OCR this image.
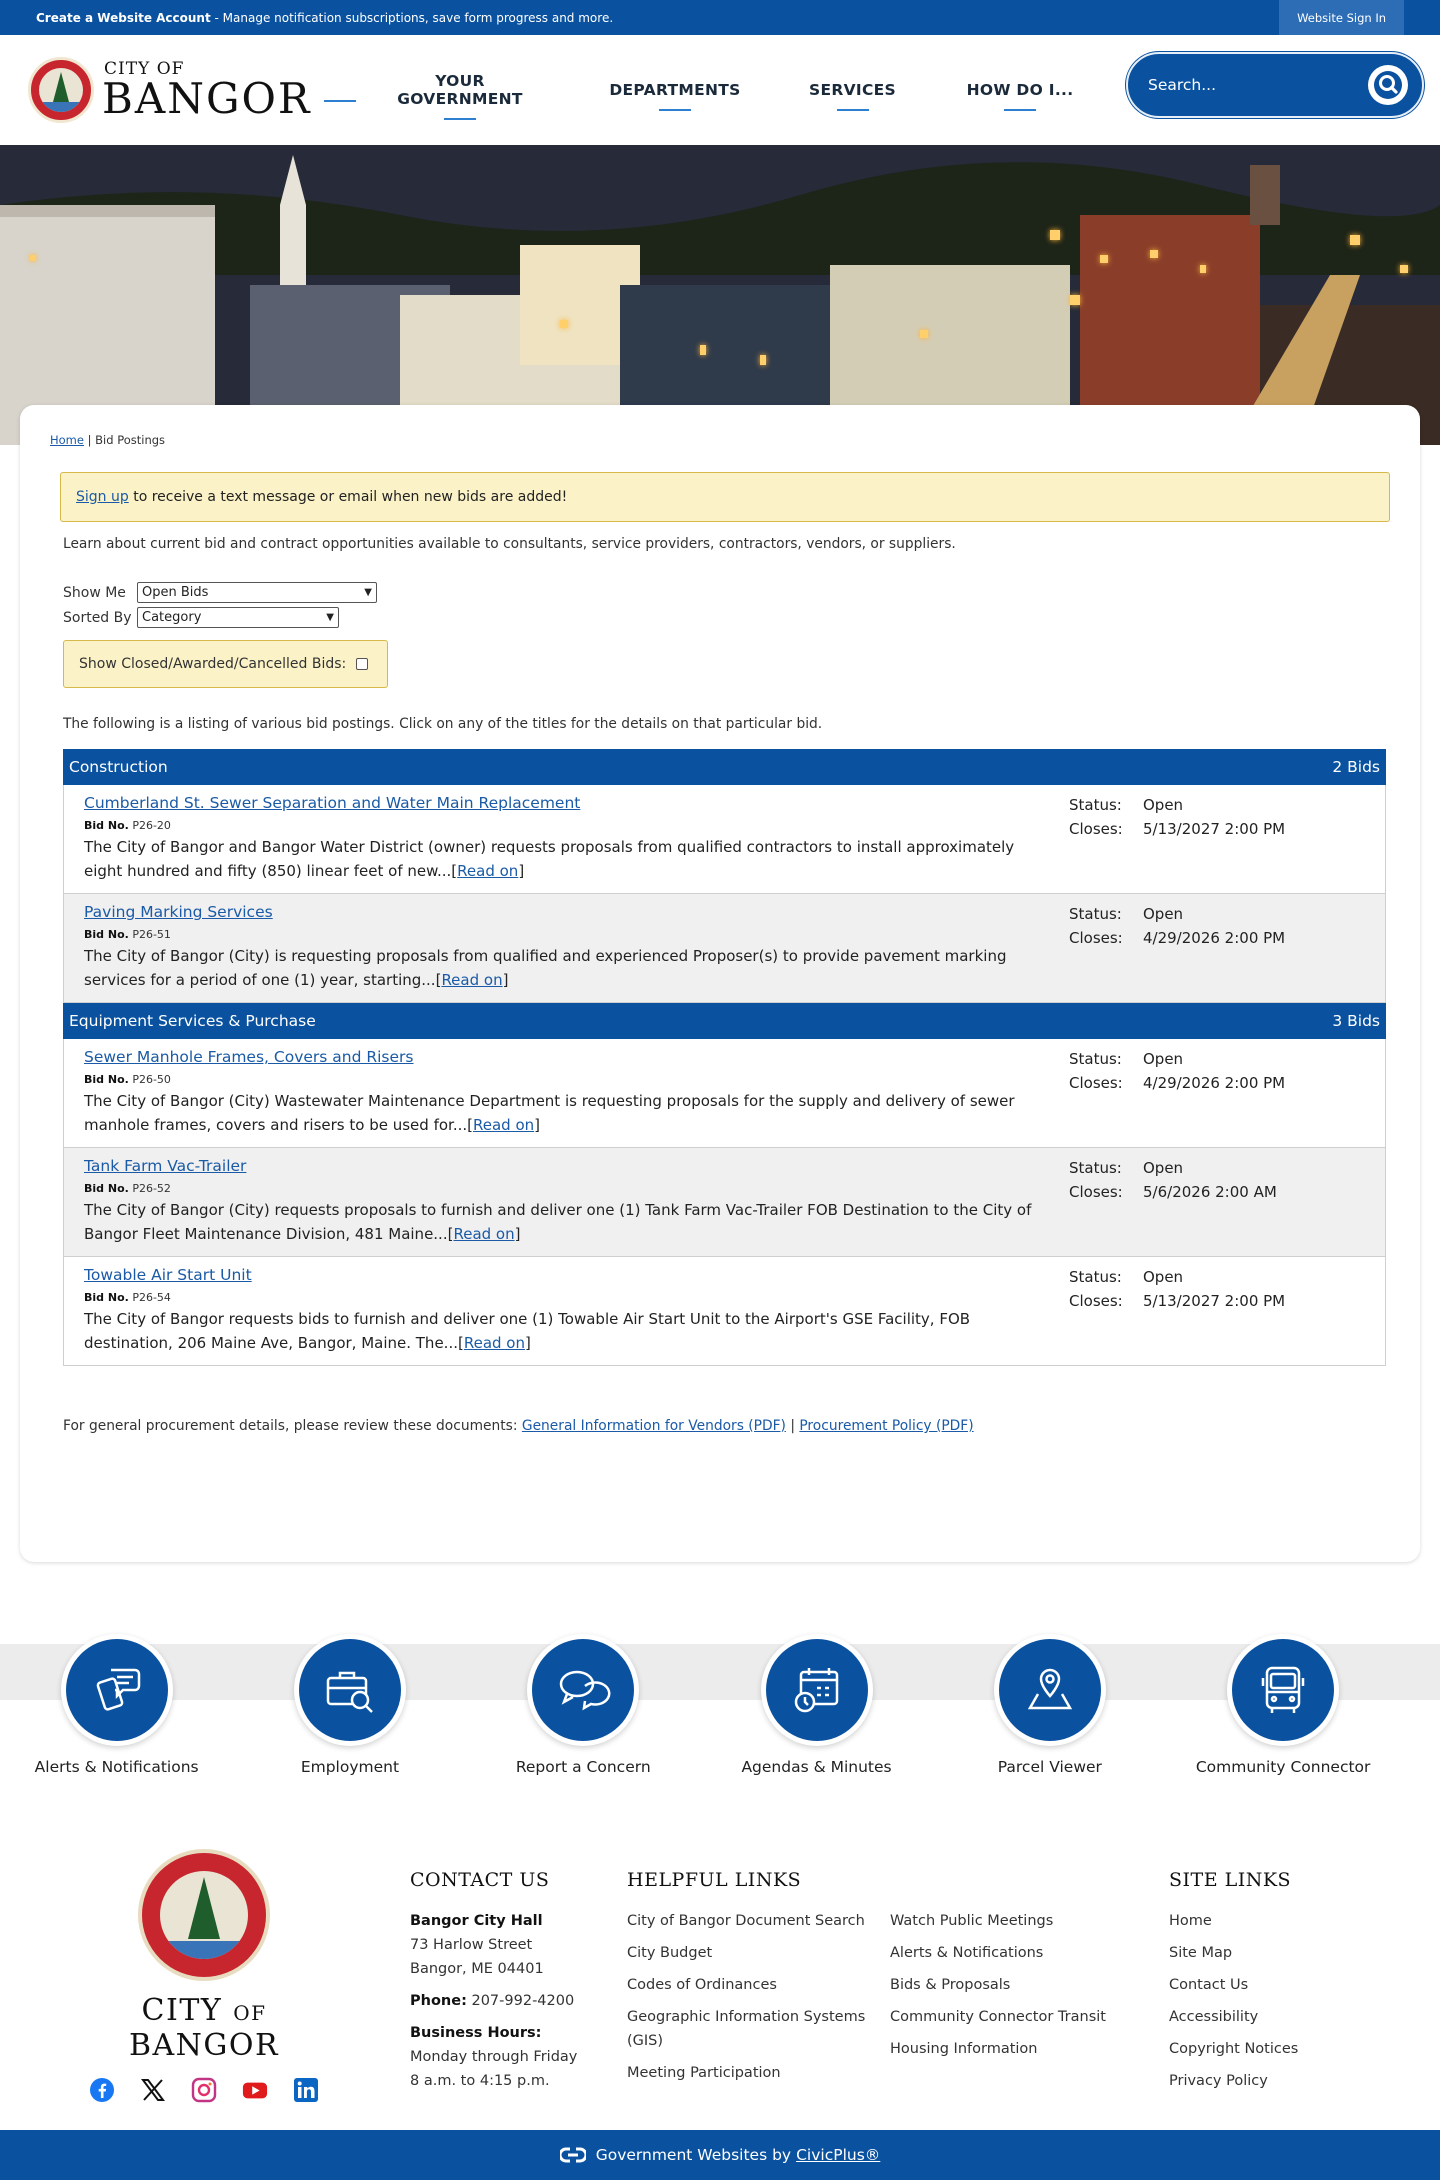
Create a Website Account - Manage notification subscriptions, save form progress and more.	Website Sign In
CITY OF
BANGOR	YOUR GOVERNMENT	DEPARTMENTS	SERVICES	HOW DO I...	Search...
Home | Bid Postings
Sign up to receive a text message or email when new bids are added!
Learn about current bid and contract opportunities available to consultants, service providers, contractors, vendors, or suppliers.
Show Me	Open Bids	▼
Sorted By Category	▼
Show Closed/Awarded/Cancelled Bids:
The following is a listing of various bid postings. Click on any of the titles for the details on that particular bid.
Construction	2 Bids
Cumberland St. Sewer Separation and Water Main Replacement
Bid No. P26-20
The City of Bangor and Bangor Water District (owner) requests proposals from qualified contractors to install approximately eight hundred and fifty (850) linear feet of new...[Read on]
Status:	Open
Closes:	5/13/2027 2:00 PM
Paving Marking Services
Bid No. P26-51
The City of Bangor (City) is requesting proposals from qualified and experienced Proposer(s) to provide pavement marking services for a period of one (1) year, starting...[Read on]
Status:	Open
Closes:	4/29/2026 2:00 PM
Equipment Services & Purchase	3 Bids
Sewer Manhole Frames, Covers and Risers
Bid No. P26-50
The City of Bangor (City) Wastewater Maintenance Department is requesting proposals for the supply and delivery of sewer manhole frames, covers and risers to be used for...[Read on]
Status:	Open
Closes:	4/29/2026 2:00 PM
Tank Farm Vac-Trailer
Bid No. P26-52
The City of Bangor (City) requests proposals to furnish and deliver one (1) Tank Farm Vac-Trailer FOB Destination to the City of Bangor Fleet Maintenance Division, 481 Maine...[Read on]
Status:	Open
Closes:	5/6/2026 2:00 AM
Towable Air Start Unit
Bid No. P26-54
The City of Bangor requests bids to furnish and deliver one (1) Towable Air Start Unit to the Airport's GSE Facility, FOB destination, 206 Maine Ave, Bangor, Maine. The...[Read on]
Status:	Open
Closes:	5/13/2027 2:00 PM
For general procurement details, please review these documents: General Information for Vendors (PDF) | Procurement Policy (PDF)
Alerts & Notifications	Employment	Report a Concern	Agendas & Minutes	Parcel Viewer	Community Connector
CITY OF BANGOR
CONTACT US
Bangor City Hall
73 Harlow Street
Bangor, ME 04401
Phone: 207-992-4200
Business Hours:
Monday through Friday
8 a.m. to 4:15 p.m.
HELPFUL LINKS
City of Bangor Document Search
City Budget
Codes of Ordinances
Geographic Information Systems (GIS)
Meeting Participation
Watch Public Meetings
Alerts & Notifications
Bids & Proposals
Community Connector Transit
Housing Information
SITE LINKS
Home
Site Map
Contact Us
Accessibility
Copyright Notices
Privacy Policy
Government Websites by CivicPlus®
